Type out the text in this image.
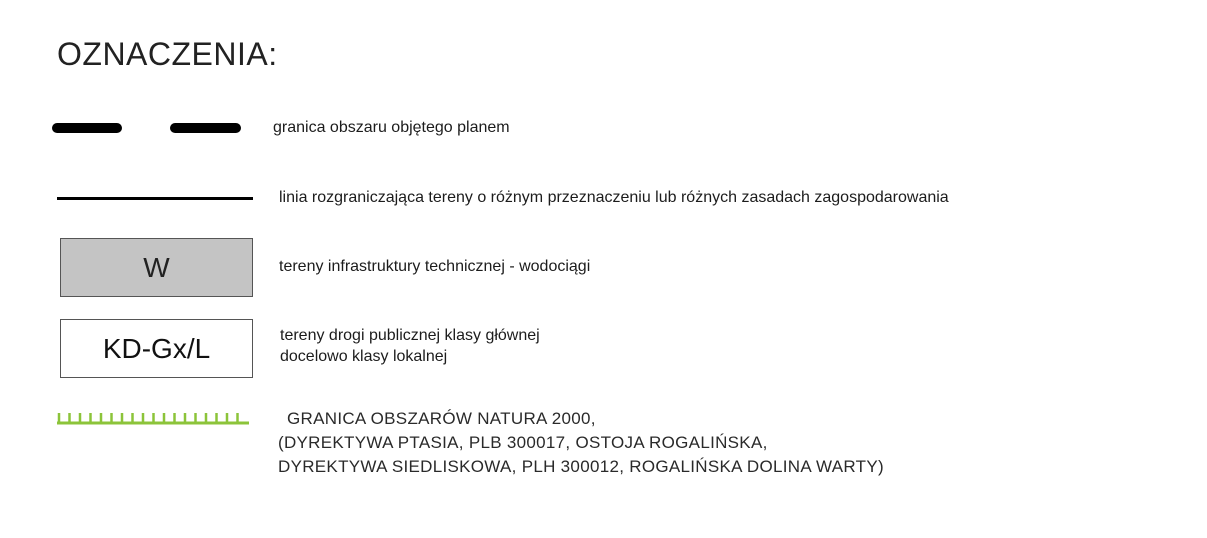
OZNACZENIA:
granica obszaru objętego planem
linia rozgraniczająca tereny o różnym przeznaczeniu lub różnych zasadach zagospodarowania
W	tereny infrastruktury technicznej - wodociągi
KD-Gx/L	tereny drogi publicznej klasy głównej
docelowo klasy lokalnej
GRANICA OBSZARÓW NATURA 2000,
(DYREKTYWA PTASIA, PLB 300017, OSTOJA ROGALIŃSKA,
DYREKTYWA SIEDLISKOWA, PLH 300012, ROGALIŃSKA DOLINA WARTY)
